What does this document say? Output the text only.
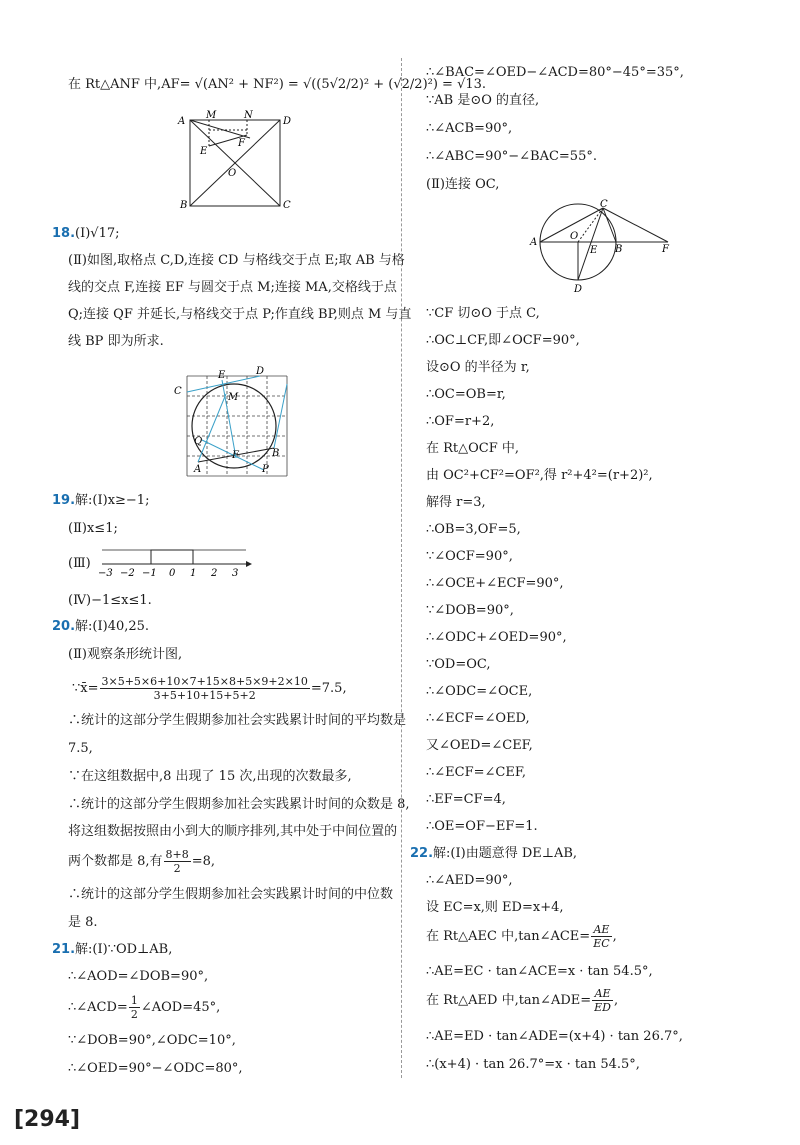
在 Rt△ANF 中,AF= √(AN² + NF²) = √((5√2/2)² + (√2/2)²) = √13.
A
M	N
D
E
F
O
B	C
18.(Ⅰ)√17;
(Ⅱ)如图,取格点 C,D,连接 CD 与格线交于点 E;取 AB 与格
线的交点 F,连接 EF 与圆交于点 M;连接 MA,交格线于点
Q;连接 QF 并延长,与格线交于点 P;作直线 BP,则点 M 与直
线 BP 即为所求.
C
E	D
M
Q
F	B
A	P
19.解:(Ⅰ)x≥−1;
(Ⅱ)x≤1;
(Ⅲ)
−3 −2 −1 0 1 2 3
(Ⅳ)−1≤x≤1.
20.解:(Ⅰ)40,25.
(Ⅱ)观察条形统计图,
∵x̄= $\frac{3\times 5+5\times 6+10\times 7+15\times 8+5\times 9+2\times 10}{3+5+10+15+5+2} =7.5$,
∴统计的这部分学生假期参加社会实践累计时间的平均数是
7.5,
∵在这组数据中,8 出现了 15 次,出现的次数最多,
∴统计的这部分学生假期参加社会实践累计时间的众数是 8,
将这组数据按照由小到大的顺序排列,其中处于中间位置的
两个数都是 8,有 $\frac{8+8}{2} =8$,
∴统计的这部分学生假期参加社会实践累计时间的中位数
是 8.
21.解:(Ⅰ)∵OD⊥AB,
∴∠AOD=∠DOB=90°,
∴∠ACD= $\frac{1}{2}$ ∠AOD=45°,
∵∠DOB=90°,∠ODC=10°,
∴∠OED=90°−∠ODC=80°,
∴∠BAC=∠OED−∠ACD=80°−45°=35°,
∵AB 是⊙O 的直径,
∴∠ACB=90°,
∴∠ABC=90°−∠BAC=55°.
(Ⅱ)连接 OC,
C
A
O
E B	F
D
∵CF 切⊙O 于点 C,
∴OC⊥CF,即∠OCF=90°,
设⊙O 的半径为 r,
∴OC=OB=r,
∴OF=r+2,
在 Rt△OCF 中,
由 OC²+CF²=OF²,得 r²+4²=(r+2)²,
解得 r=3,
∴OB=3,OF=5,
∵∠OCF=90°,
∴∠OCE+∠ECF=90°,
∵∠DOB=90°,
∴∠ODC+∠OED=90°,
∵OD=OC,
∴∠ODC=∠OCE,
∴∠ECF=∠OED,
又∠OED=∠CEF,
∴∠ECF=∠CEF,
∴EF=CF=4,
∴OE=OF−EF=1.
22.解:(Ⅰ)由题意得 DE⊥AB,
∴∠AED=90°,
设 EC=x,则 ED=x+4,
在 Rt△AEC 中,tan∠ACE= $\frac{AE}{EC}$ ,
∴AE=EC · tan∠ACE=x · tan 54.5°,
在 Rt△AED 中,tan∠ADE= $\frac{AE}{ED}$ ,
∴AE=ED · tan∠ADE=(x+4) · tan 26.7°,
∴(x+4) · tan 26.7°=x · tan 54.5°,
[294]
